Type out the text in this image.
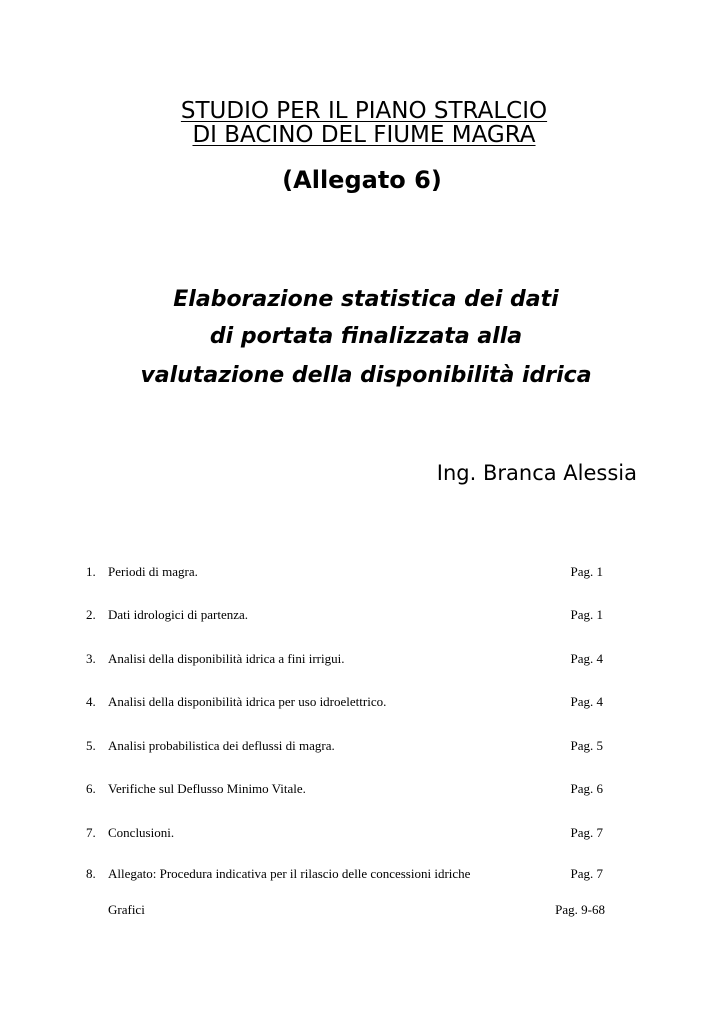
STUDIO PER IL PIANO STRALCIO
DI BACINO DEL FIUME MAGRA
(Allegato 6)
Elaborazione statistica dei dati
di portata finalizzata alla
valutazione della disponibilità idrica
Ing. Branca Alessia
1. Periodi di magra.	Pag. 1
2. Dati idrologici di partenza.	Pag. 1
3. Analisi della disponibilità idrica a fini irrigui.	Pag. 4
4. Analisi della disponibilità idrica per uso idroelettrico.	Pag. 4
5. Analisi probabilistica dei deflussi di magra.	Pag. 5
6. Verifiche sul Deflusso Minimo Vitale.	Pag. 6
7. Conclusioni.	Pag. 7
8. Allegato: Procedura indicativa per il rilascio delle concessioni idriche	Pag. 7
Grafici	Pag. 9-68
